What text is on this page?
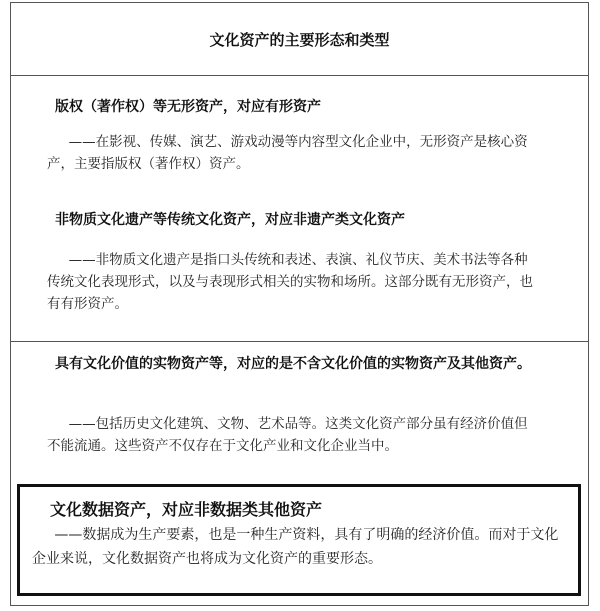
文化资产的主要形态和类型
版权（著作权）等无形资产，对应有形资产
——在影视、传媒、演艺、游戏动漫等内容型文化企业中，无形资产是核心资产，主要指版权（著作权）资产。
非物质文化遗产等传统文化资产，对应非遗产类文化资产
——非物质文化遗产是指口头传统和表述、表演、礼仪节庆、美术书法等各种传统文化表现形式，以及与表现形式相关的实物和场所。这部分既有无形资产，也有有形资产。
具有文化价值的实物资产等，对应的是不含文化价值的实物资产及其他资产。
——包括历史文化建筑、文物、艺术品等。这类文化资产部分虽有经济价值但不能流通。这些资产不仅存在于文化产业和文化企业当中。
文化数据资产，对应非数据类其他资产
——数据成为生产要素，也是一种生产资料，具有了明确的经济价值。而对于文化企业来说，文化数据资产也将成为文化资产的重要形态。
